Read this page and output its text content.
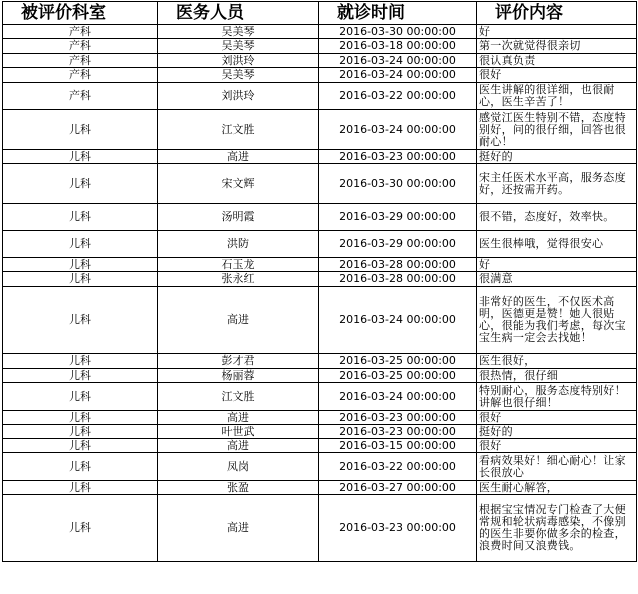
被评价科室	医务人员	就诊时间	评价内容
产科	吴美琴	2016-03-30 00:00:00	好
产科	吴美琴	2016-03-18 00:00:00	第一次就觉得很亲切
产科	刘洪玲	2016-03-24 00:00:00	很认真负责
产科	吴美琴	2016-03-24 00:00:00	很好
产科	刘洪玲	2016-03-22 00:00:00	医生讲解的很详细，也很耐心，医生辛苦了！
儿科	江文胜	2016-03-24 00:00:00	感觉江医生特别不错，态度特别好，问的很仔细，回答也很耐心！
儿科	高进	2016-03-23 00:00:00	挺好的
儿科	宋文辉	2016-03-30 00:00:00	宋主任医术水平高，服务态度好，还按需开药。
儿科	汤明霞	2016-03-29 00:00:00	很不错，态度好，效率快。
儿科	洪防	2016-03-29 00:00:00	医生很棒哦，觉得很安心
儿科	石玉龙	2016-03-28 00:00:00	好
儿科	张永红	2016-03-28 00:00:00	很满意
儿科	高进	2016-03-24 00:00:00	非常好的医生，不仅医术高明，医德更是赞！她人很贴心，很能为我们考虑，每次宝宝生病一定会去找她！
儿科	彭才君	2016-03-25 00:00:00	医生很好，
儿科	杨丽蓉	2016-03-25 00:00:00	很热情，很仔细
儿科	江文胜	2016-03-24 00:00:00	特别耐心，服务态度特别好！讲解也很仔细！
儿科	高进	2016-03-23 00:00:00	很好
儿科	叶世武	2016-03-23 00:00:00	挺好的
儿科	高进	2016-03-15 00:00:00	很好
儿科	凤岗	2016-03-22 00:00:00	看病效果好！细心耐心！让家长很放心
儿科	张盈	2016-03-27 00:00:00	医生耐心解答，
儿科	高进	2016-03-23 00:00:00	根据宝宝情况专门检查了大便常规和轮状病毒感染，不像别的医生非要你做多余的检查，浪费时间又浪费钱。
